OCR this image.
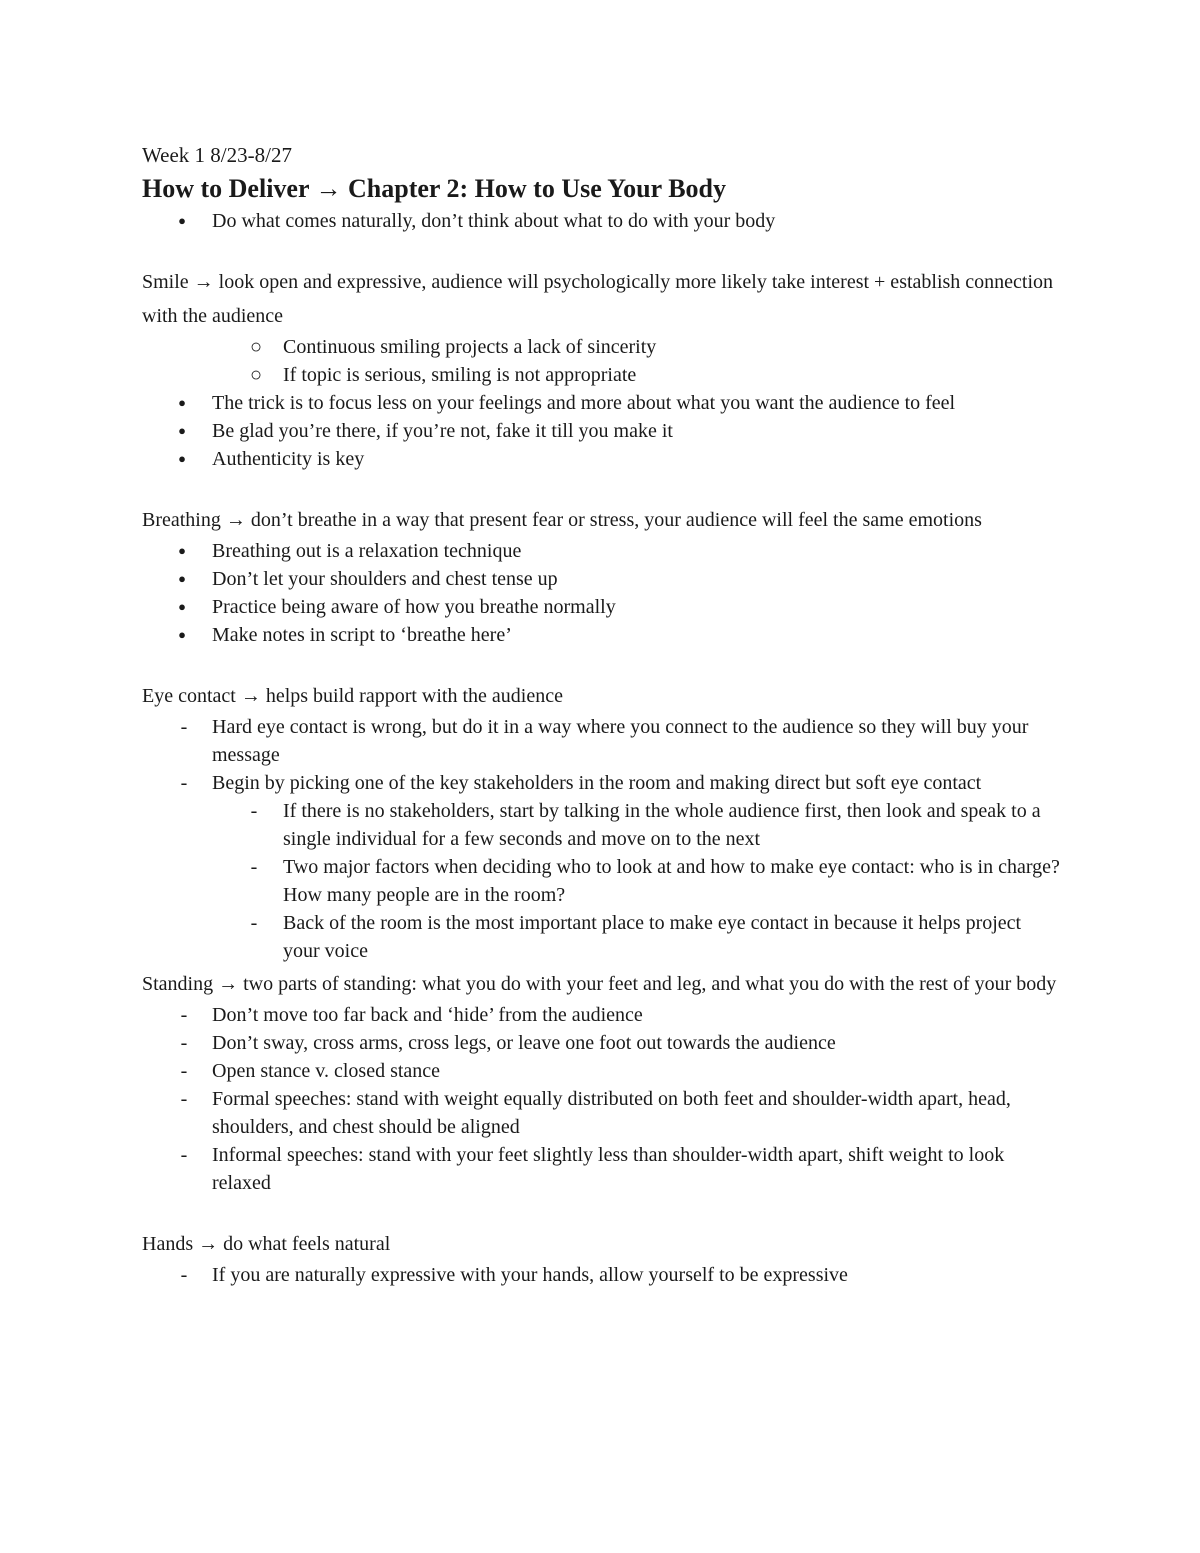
Week 1 8/23-8/27

How to Deliver → Chapter 2: How to Use Your Body

●	Do what comes naturally, don’t think about what to do with your body

Smile → look open and expressive, audience will psychologically more likely take interest + establish connection with the audience

○ Continuous smiling projects a lack of sincerity
○ If topic is serious, smiling is not appropriate
●	The trick is to focus less on your feelings and more about what you want the audience to feel
●	Be glad you’re there, if you’re not, fake it till you make it
●	Authenticity is key

Breathing → don’t breathe in a way that present fear or stress, your audience will feel the same emotions

●	Breathing out is a relaxation technique
●	Don’t let your shoulders and chest tense up
●	Practice being aware of how you breathe normally
●	Make notes in script to ‘breathe here’

Eye contact → helps build rapport with the audience

-	Hard eye contact is wrong, but do it in a way where you connect to the audience so they will buy your message
-	Begin by picking one of the key stakeholders in the room and making direct but soft eye contact
-	If there is no stakeholders, start by talking in the whole audience first, then look and speak to a single individual for a few seconds and move on to the next
-	Two major factors when deciding who to look at and how to make eye contact: who is in charge? How many people are in the room?
-	Back of the room is the most important place to make eye contact in because it helps project your voice

Standing → two parts of standing: what you do with your feet and leg, and what you do with the rest of your body

-	Don’t move too far back and ‘hide’ from the audience
-	Don’t sway, cross arms, cross legs, or leave one foot out towards the audience
-	Open stance v. closed stance
-	Formal speeches: stand with weight equally distributed on both feet and shoulder-width apart, head, shoulders, and chest should be aligned
-	Informal speeches: stand with your feet slightly less than shoulder-width apart, shift weight to look relaxed

Hands → do what feels natural

-	If you are naturally expressive with your hands, allow yourself to be expressive
